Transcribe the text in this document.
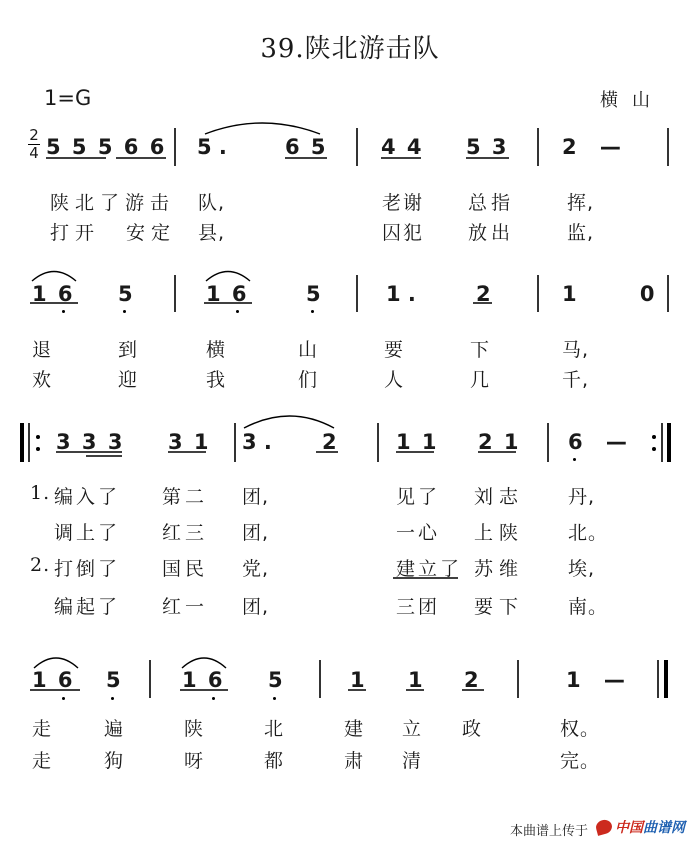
39.陕北游击队
1=G	横山
2
4 5 5 5 6 6 5 .	6 5	4 4 5 3	2 —
陕北了游击 队,	老谢 总指	挥,
打开 安定 县,	囚犯 放出	监,
1 6 5	1 6	5	1 .	2	1 0
退	到	横	山	要	下	马,
欢	迎	我	们	人	几	千,
3 3 3 3 1 3 . 2	1 1 2 1 6 —
1. 编入了 第二 团,	见了 刘志 丹,
调上了 红三 团,	一心 上陕 北。
2. 打倒了 国民 党,	建立了 苏维 埃,
编起了 红一 团,	三团 要下 南。
1 6 5	1 6 5	1 1 2	1 —
走	遍	陕	北	建 立 政	权。
走	狗	呀	都	肃 清	完。
本曲谱上传于 中国曲谱网
